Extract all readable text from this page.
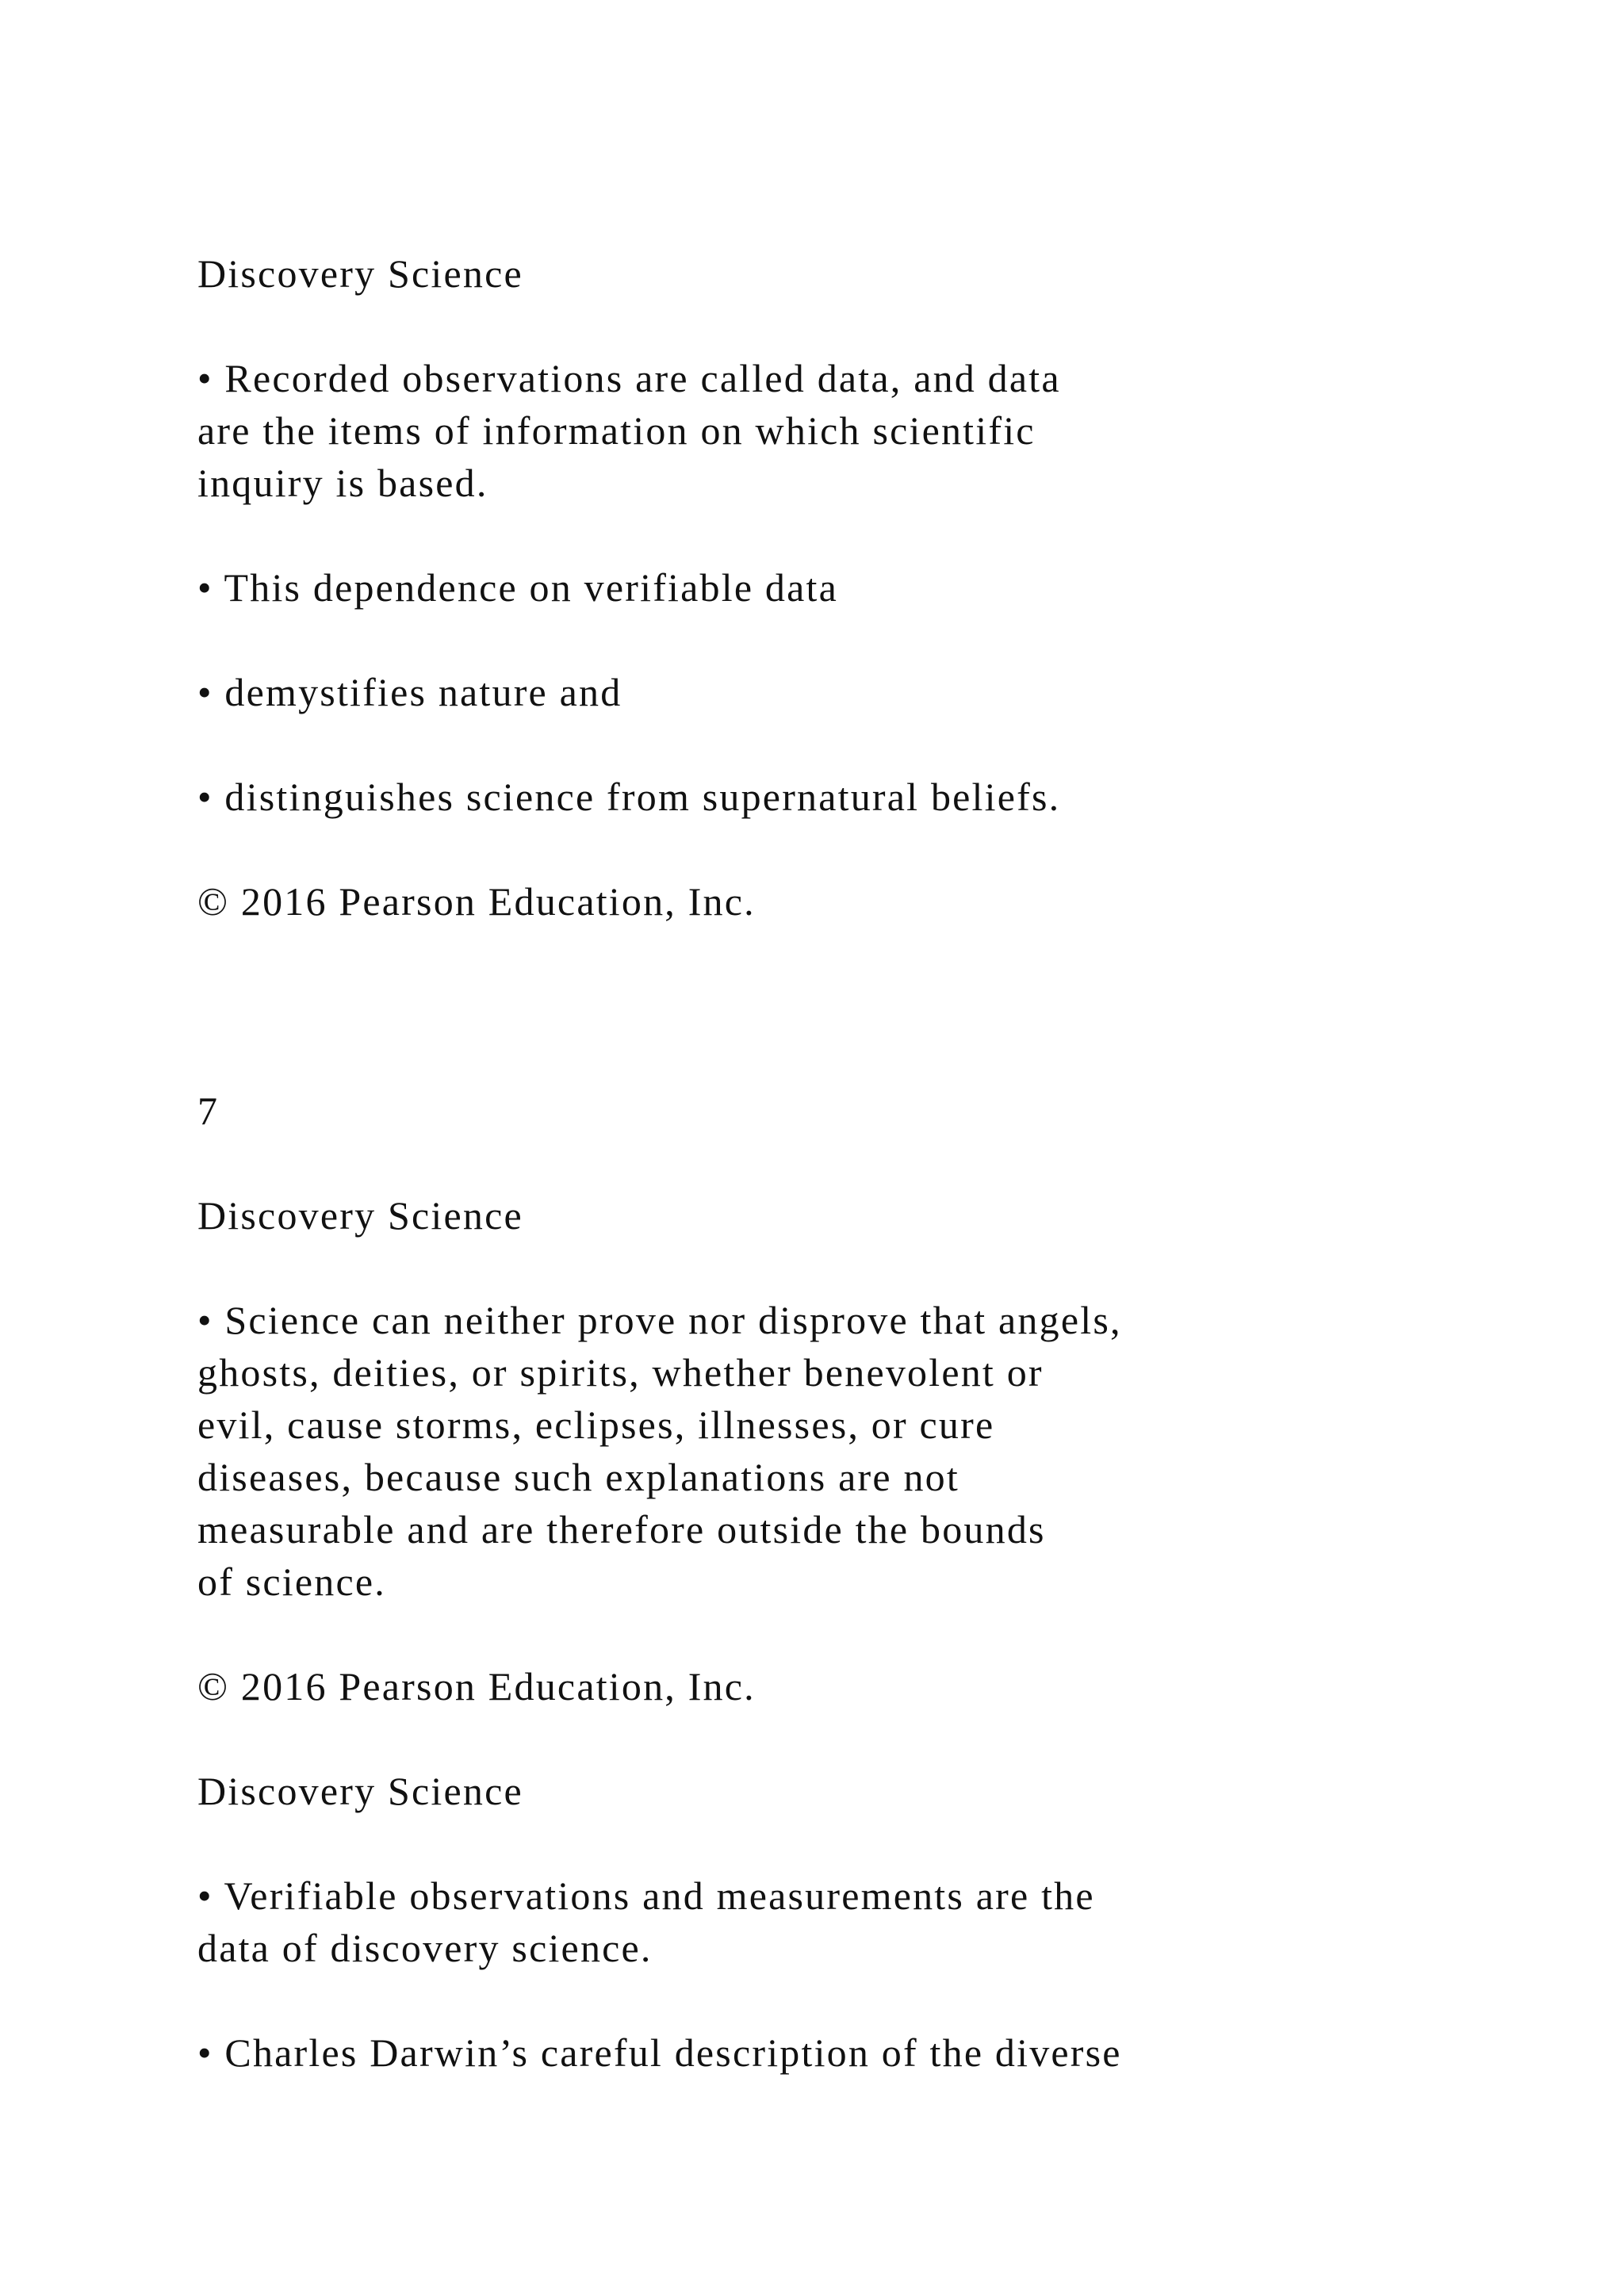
Discovery Science

• Recorded observations are called data, and data

are the items of information on which scientific

inquiry is based.

• This dependence on verifiable data

• demystifies nature and

• distinguishes science from supernatural beliefs.

© 2016 Pearson Education, Inc.

7

Discovery Science

• Science can neither prove nor disprove that angels,

ghosts, deities, or spirits, whether benevolent or

evil, cause storms, eclipses, illnesses, or cure

diseases, because such explanations are not

measurable and are therefore outside the bounds

of science.

© 2016 Pearson Education, Inc.

Discovery Science

• Verifiable observations and measurements are the

data of discovery science.

• Charles Darwin’s careful description of the diverse
